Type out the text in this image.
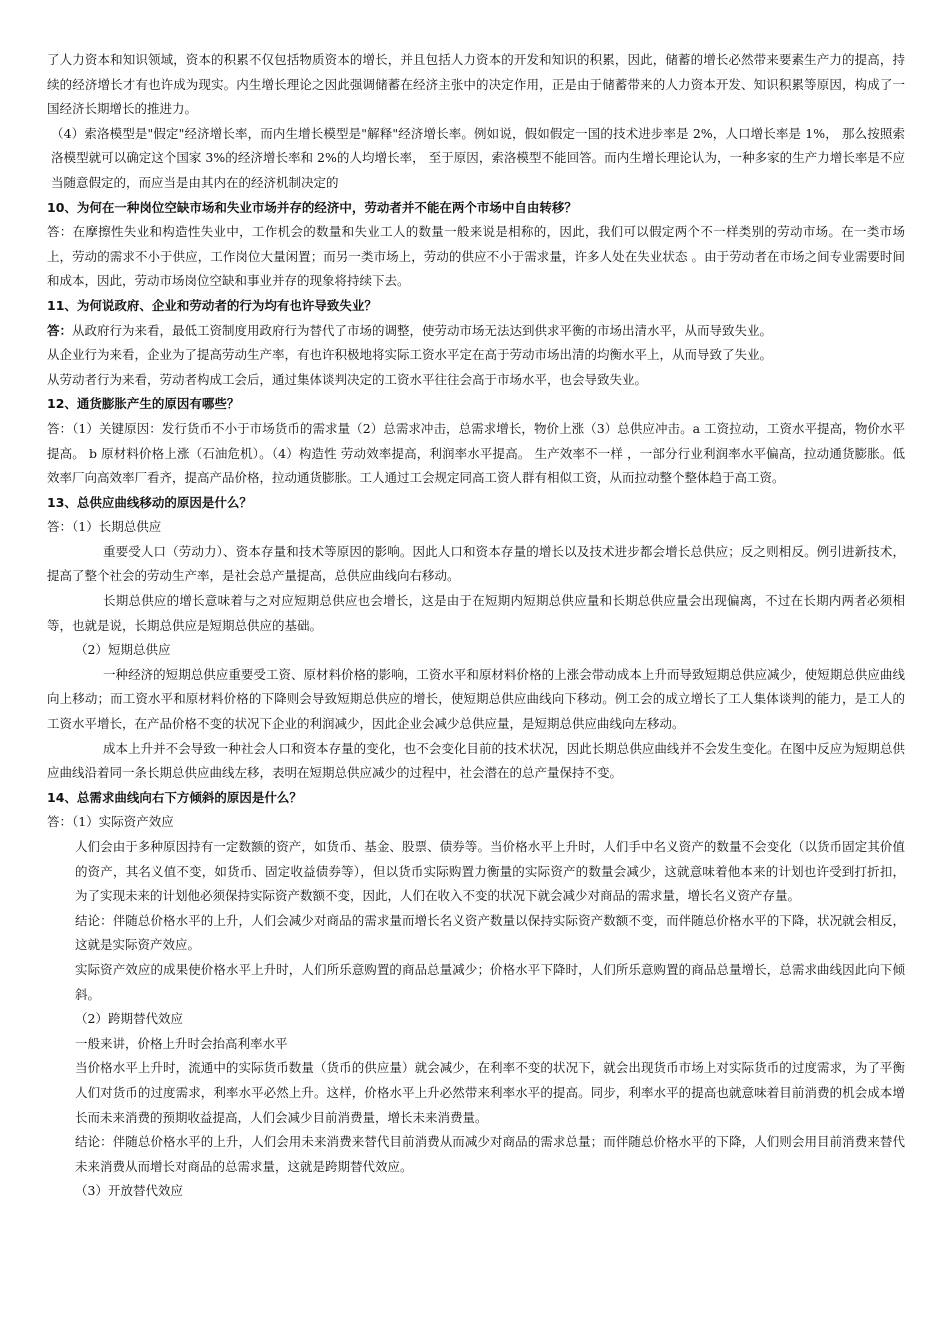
了人力资本和知识领域，资本的积累不仅包括物质资本的增长，并且包括人力资本的开发和知识的积累，因此，储蓄的增长必然带来要素生产力的提高，持续的经济增长才有也许成为现实。内生增长理论之因此强调储蓄在经济主张中的决定作用，正是由于储蓄带来的人力资本开发、知识积累等原因，构成了一国经济长期增长的推进力。

（4）索洛模型是"假定"经济增长率，而内生增长模型是"解释"经济增长率。例如说，假如假定一国的技术进步率是 2%，人口增长率是 1%， 那么按照索洛模型就可以确定这个国家 3%的经济增长率和 2%的人均增长率， 至于原因，索洛模型不能回答。而内生增长理论认为，一种多家的生产力增长率是不应当随意假定的，而应当是由其内在的经济机制决定的

10、为何在一种岗位空缺市场和失业市场并存的经济中，劳动者并不能在两个市场中自由转移？

答：在摩擦性失业和构造性失业中，工作机会的数量和失业工人的数量一般来说是相称的，因此，我们可以假定两个不一样类别的劳动市场。在一类市场上，劳动的需求不小于供应，工作岗位大量闲置；而另一类市场上，劳动的供应不小于需求量，许多人处在失业状态 。由于劳动者在市场之间专业需要时间和成本，因此，劳动市场岗位空缺和事业并存的现象将持续下去。

11、为何说政府、企业和劳动者的行为均有也许导致失业？

答：从政府行为来看，最低工资制度用政府行为替代了市场的调整，使劳动市场无法达到供求平衡的市场出清水平，从而导致失业。

从企业行为来看，企业为了提高劳动生产率，有也许积极地将实际工资水平定在高于劳动市场出清的均衡水平上，从而导致了失业。

从劳动者行为来看，劳动者构成工会后，通过集体谈判决定的工资水平往往会高于市场水平，也会导致失业。

12、通货膨胀产生的原因有哪些？

答：（1）关键原因：发行货币不小于市场货币的需求量（2）总需求冲击，总需求增长，物价上涨（3）总供应冲击。a 工资拉动，工资水平提高，物价水平提高。 b 原材料价格上涨（石油危机）。（4）构造性 劳动效率提高，利润率水平提高。 生产效率不一样 ，一部分行业利润率水平偏高，拉动通货膨胀。低效率厂向高效率厂看齐，提高产品价格，拉动通货膨胀。工人通过工会规定同高工资人群有相似工资，从而拉动整个整体趋于高工资。

13、总供应曲线移动的原因是什么？

答：（1）长期总供应

重要受人口（劳动力）、资本存量和技术等原因的影响。因此人口和资本存量的增长以及技术进步都会增长总供应；反之则相反。例引进新技术，提高了整个社会的劳动生产率，是社会总产量提高，总供应曲线向右移动。

长期总供应的增长意味着与之对应短期总供应也会增长，这是由于在短期内短期总供应量和长期总供应量会出现偏离，不过在长期内两者必须相等，也就是说，长期总供应是短期总供应的基础。

（2）短期总供应

一种经济的短期总供应重要受工资、原材料价格的影响，工资水平和原材料价格的上涨会带动成本上升而导致短期总供应减少，使短期总供应曲线向上移动；而工资水平和原材料价格的下降则会导致短期总供应的增长，使短期总供应曲线向下移动。例工会的成立增长了工人集体谈判的能力，是工人的工资水平增长，在产品价格不变的状况下企业的利润减少，因此企业会减少总供应量，是短期总供应曲线向左移动。

成本上升并不会导致一种社会人口和资本存量的变化，也不会变化目前的技术状况，因此长期总供应曲线并不会发生变化。在图中反应为短期总供应曲线沿着同一条长期总供应曲线左移，表明在短期总供应减少的过程中，社会潜在的总产量保持不变。

14、总需求曲线向右下方倾斜的原因是什么？

答：（1）实际资产效应

人们会由于多种原因持有一定数额的资产，如货币、基金、股票、债券等。当价格水平上升时，人们手中名义资产的数量不会变化（以货币固定其价值的资产，其名义值不变，如货币、固定收益债券等），但以货币实际购置力衡量的实际资产的数量会减少，这就意味着他本来的计划也许受到打折扣，为了实现未来的计划他必须保持实际资产数额不变，因此，人们在收入不变的状况下就会减少对商品的需求量，增长名义资产存量。

结论：伴随总价格水平的上升，人们会减少对商品的需求量而增长名义资产数量以保持实际资产数额不变，而伴随总价格水平的下降，状况就会相反，这就是实际资产效应。

实际资产效应的成果使价格水平上升时，人们所乐意购置的商品总量减少；价格水平下降时，人们所乐意购置的商品总量增长，总需求曲线因此向下倾斜。

（2）跨期替代效应

一般来讲，价格上升时会抬高利率水平

当价格水平上升时，流通中的实际货币数量（货币的供应量）就会减少，在利率不变的状况下，就会出现货币市场上对实际货币的过度需求，为了平衡人们对货币的过度需求，利率水平必然上升。这样，价格水平上升必然带来利率水平的提高。同步，利率水平的提高也就意味着目前消费的机会成本增长而未来消费的预期收益提高，人们会减少目前消费量，增长未来消费量。

结论：伴随总价格水平的上升，人们会用未来消费来替代目前消费从而减少对商品的需求总量；而伴随总价格水平的下降，人们则会用目前消费来替代未来消费从而增长对商品的总需求量，这就是跨期替代效应。

（3）开放替代效应
